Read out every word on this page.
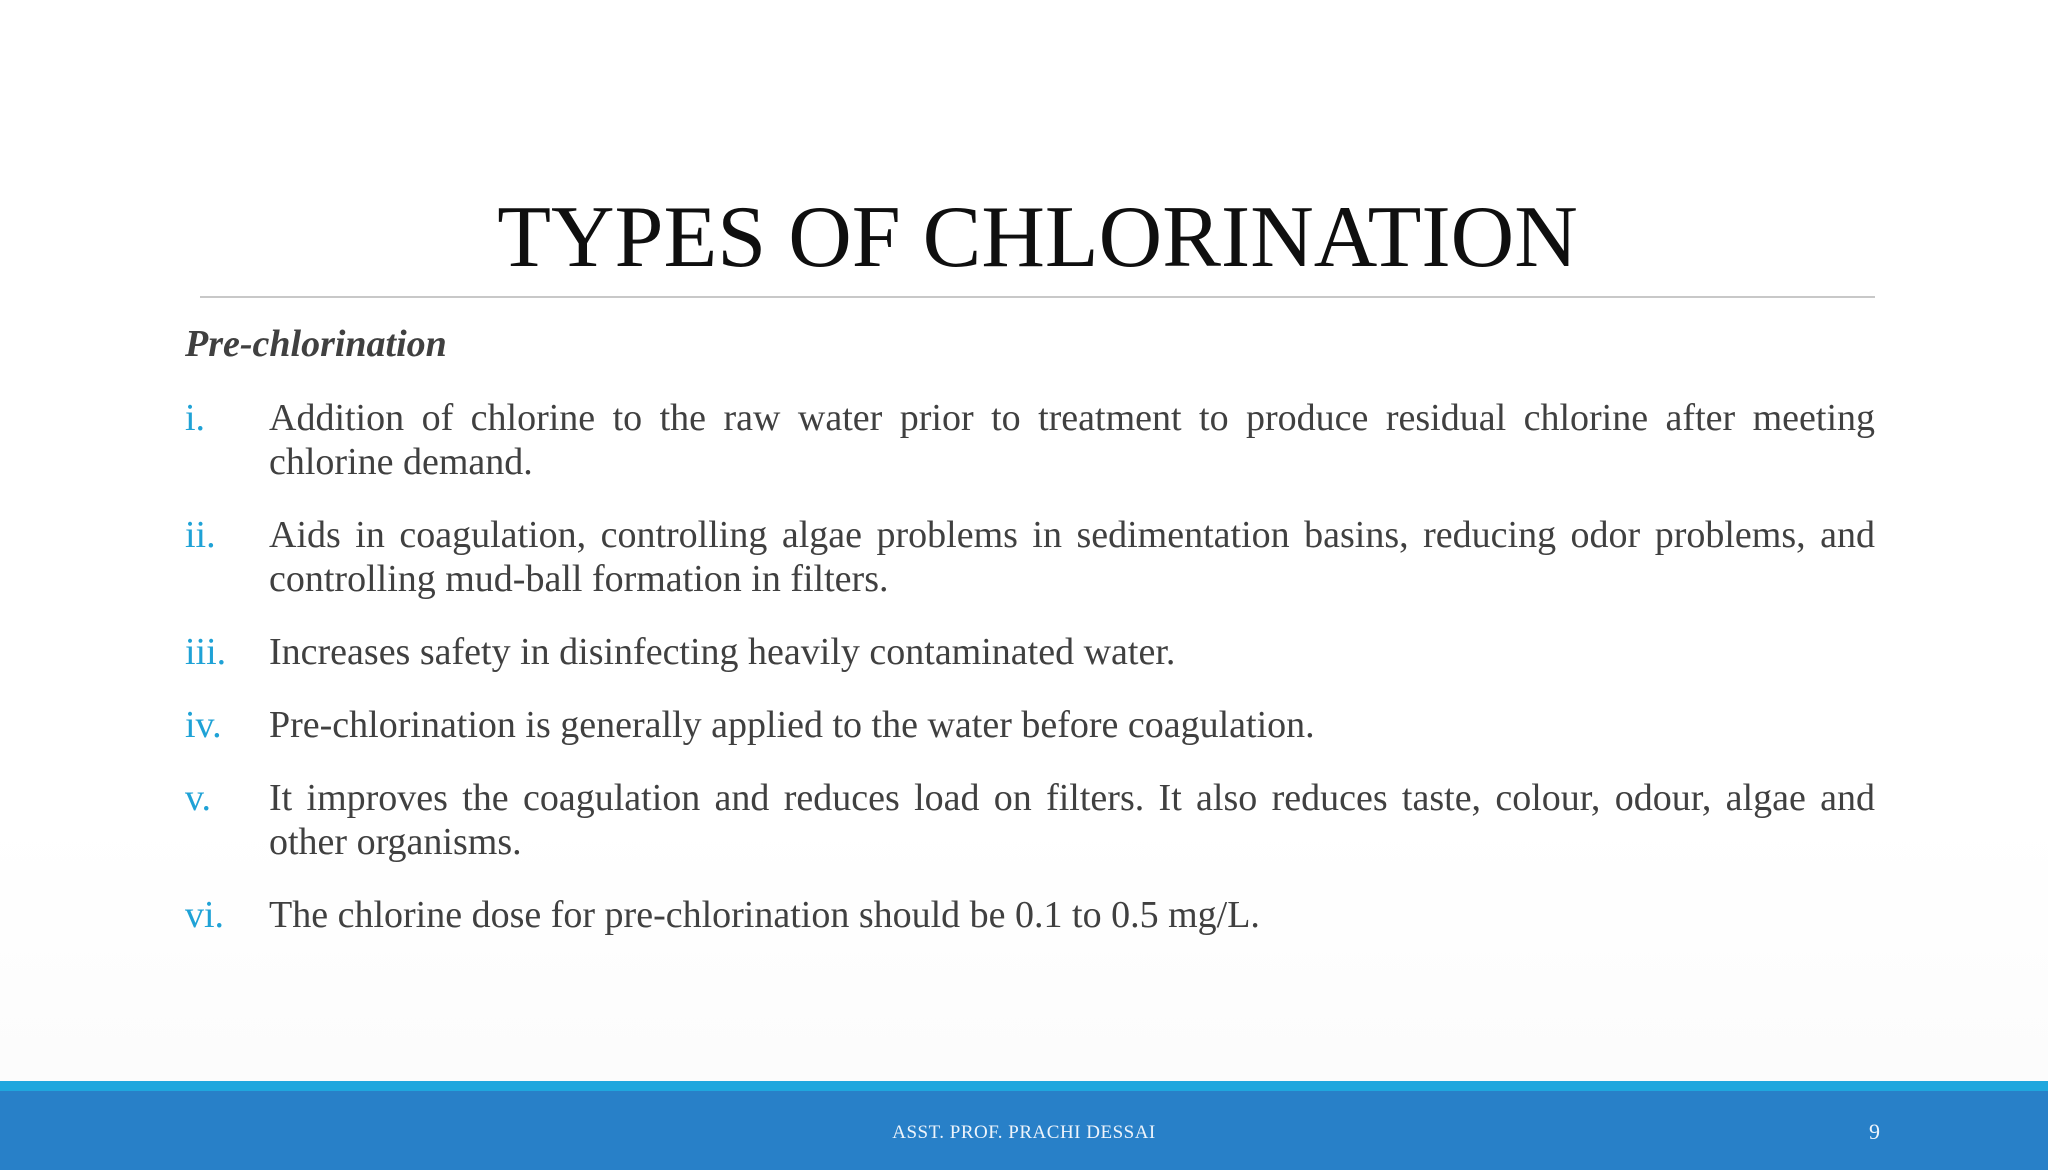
TYPES OF CHLORINATION
Pre-chlorination
i. Addition of chlorine to the raw water prior to treatment to produce residual chlorine after meeting chlorine demand.
ii. Aids in coagulation, controlling algae problems in sedimentation basins, reducing odor problems, and controlling mud-ball formation in filters.
iii. Increases safety in disinfecting heavily contaminated water.
iv. Pre-chlorination is generally applied to the water before coagulation.
v. It improves the coagulation and reduces load on filters. It also reduces taste, colour, odour, algae and other organisms.
vi. The chlorine dose for pre-chlorination should be 0.1 to 0.5 mg/L.
ASST. PROF. PRACHI DESSAI	9
